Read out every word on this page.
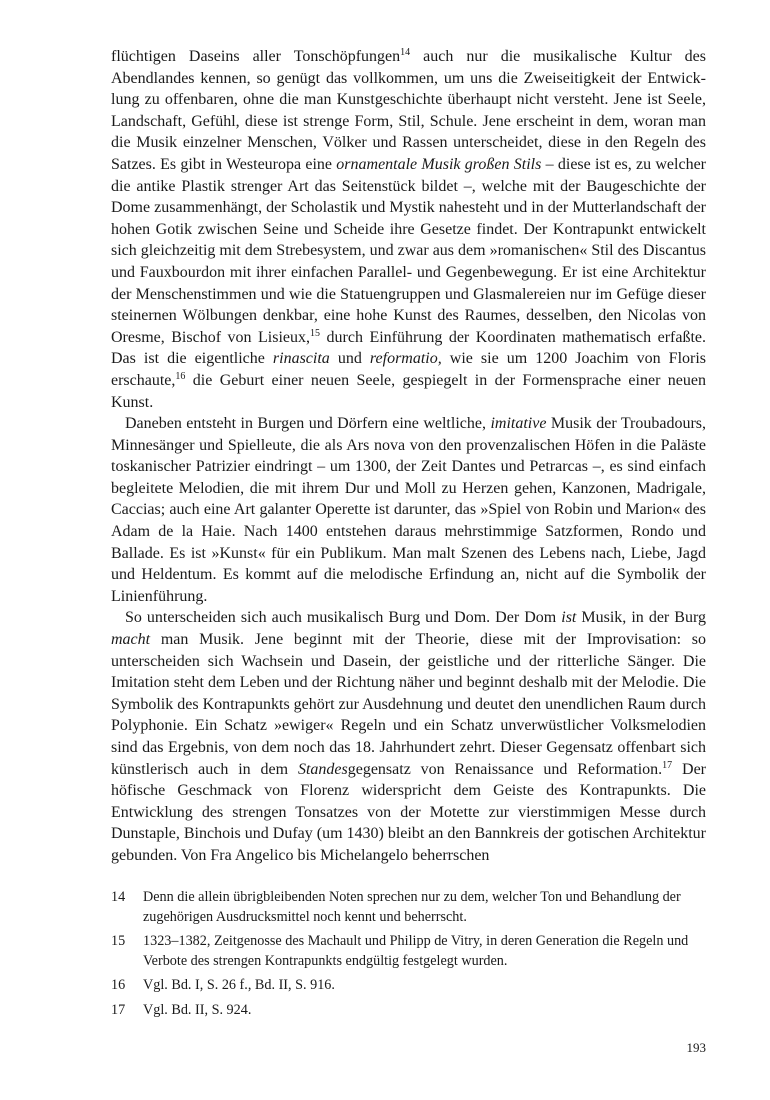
flüchtigen Daseins aller Tonschöpfungen$^{14}$ auch nur die musikalische Kultur des Abendlandes kennen, so genügt das vollkommen, um uns die Zweiseitigkeit der Entwicklung zu offenbaren, ohne die man Kunstgeschichte überhaupt nicht versteht. Jene ist Seele, Landschaft, Gefühl, diese ist strenge Form, Stil, Schule. Jene erscheint in dem, woran man die Musik einzelner Menschen, Völker und Rassen unterscheidet, diese in den Regeln des Satzes. Es gibt in Westeuropa eine ornamentale Musik großen Stils – diese ist es, zu welcher die antike Plastik strenger Art das Seitenstück bildet –, welche mit der Baugeschichte der Dome zusammenhängt, der Scholastik und Mystik nahesteht und in der Mutterlandschaft der hohen Gotik zwischen Seine und Scheide ihre Gesetze findet. Der Kontrapunkt entwickelt sich gleichzeitig mit dem Strebesystem, und zwar aus dem »romanischen« Stil des Discantus und Fauxbourdon mit ihrer einfachen Parallel- und Gegenbewegung. Er ist eine Architektur der Menschenstimmen und wie die Statuengruppen und Glasmalereien nur im Gefüge dieser steinernen Wölbungen denkbar, eine hohe Kunst des Raumes, desselben, den Nicolas von Oresme, Bischof von Lisieux,$^{15}$ durch Einführung der Koordinaten mathematisch erfaßte. Das ist die eigentliche rinascita und reformatio, wie sie um 1200 Joachim von Floris erschaute,$^{16}$ die Geburt einer neuen Seele, gespiegelt in der Formensprache einer neuen Kunst.

Daneben entsteht in Burgen und Dörfern eine weltliche, imitative Musik der Troubadours, Minnesänger und Spielleute, die als Ars nova von den provenzalischen Höfen in die Paläste toskanischer Patrizier eindringt – um 1300, der Zeit Dantes und Petrarcas –, es sind einfach begleitete Melodien, die mit ihrem Dur und Moll zu Herzen gehen, Kanzonen, Madrigale, Caccias; auch eine Art galanter Operette ist darunter, das »Spiel von Robin und Marion« des Adam de la Haie. Nach 1400 entstehen daraus mehrstimmige Satzformen, Rondo und Ballade. Es ist »Kunst« für ein Publikum. Man malt Szenen des Lebens nach, Liebe, Jagd und Heldentum. Es kommt auf die melodische Erfindung an, nicht auf die Symbolik der Linienführung.

So unterscheiden sich auch musikalisch Burg und Dom. Der Dom ist Musik, in der Burg macht man Musik. Jene beginnt mit der Theorie, diese mit der Improvisation: so unterscheiden sich Wachsein und Dasein, der geistliche und der ritterliche Sänger. Die Imitation steht dem Leben und der Richtung näher und beginnt deshalb mit der Melodie. Die Symbolik des Kontrapunkts gehört zur Ausdehnung und deutet den unendlichen Raum durch Polyphonie. Ein Schatz »ewiger« Regeln und ein Schatz unverwüstlicher Volksmelodien sind das Ergebnis, von dem noch das 18. Jahrhundert zehrt. Dieser Gegensatz offenbart sich künstlerisch auch in dem Standesgegensatz von Renaissance und Reformation.$^{17}$ Der höfische Geschmack von Florenz widerspricht dem Geiste des Kontrapunkts. Die Entwicklung des strengen Tonsatzes von der Motette zur vierstimmigen Messe durch Dunstaple, Binchois und Dufay (um 1430) bleibt an den Bannkreis der gotischen Architektur gebunden. Von Fra Angelico bis Michelangelo beherrschen

14	Denn die allein übrigbleibenden Noten sprechen nur zu dem, welcher Ton und Behandlung der zugehörigen Ausdrucksmittel noch kennt und beherrscht.
15	1323–1382, Zeitgenosse des Machault und Philipp de Vitry, in deren Generation die Regeln und Verbote des strengen Kontrapunkts endgültig festgelegt wurden.
16	Vgl. Bd. I, S. 26 f., Bd. II, S. 916.
17	Vgl. Bd. II, S. 924.
193
